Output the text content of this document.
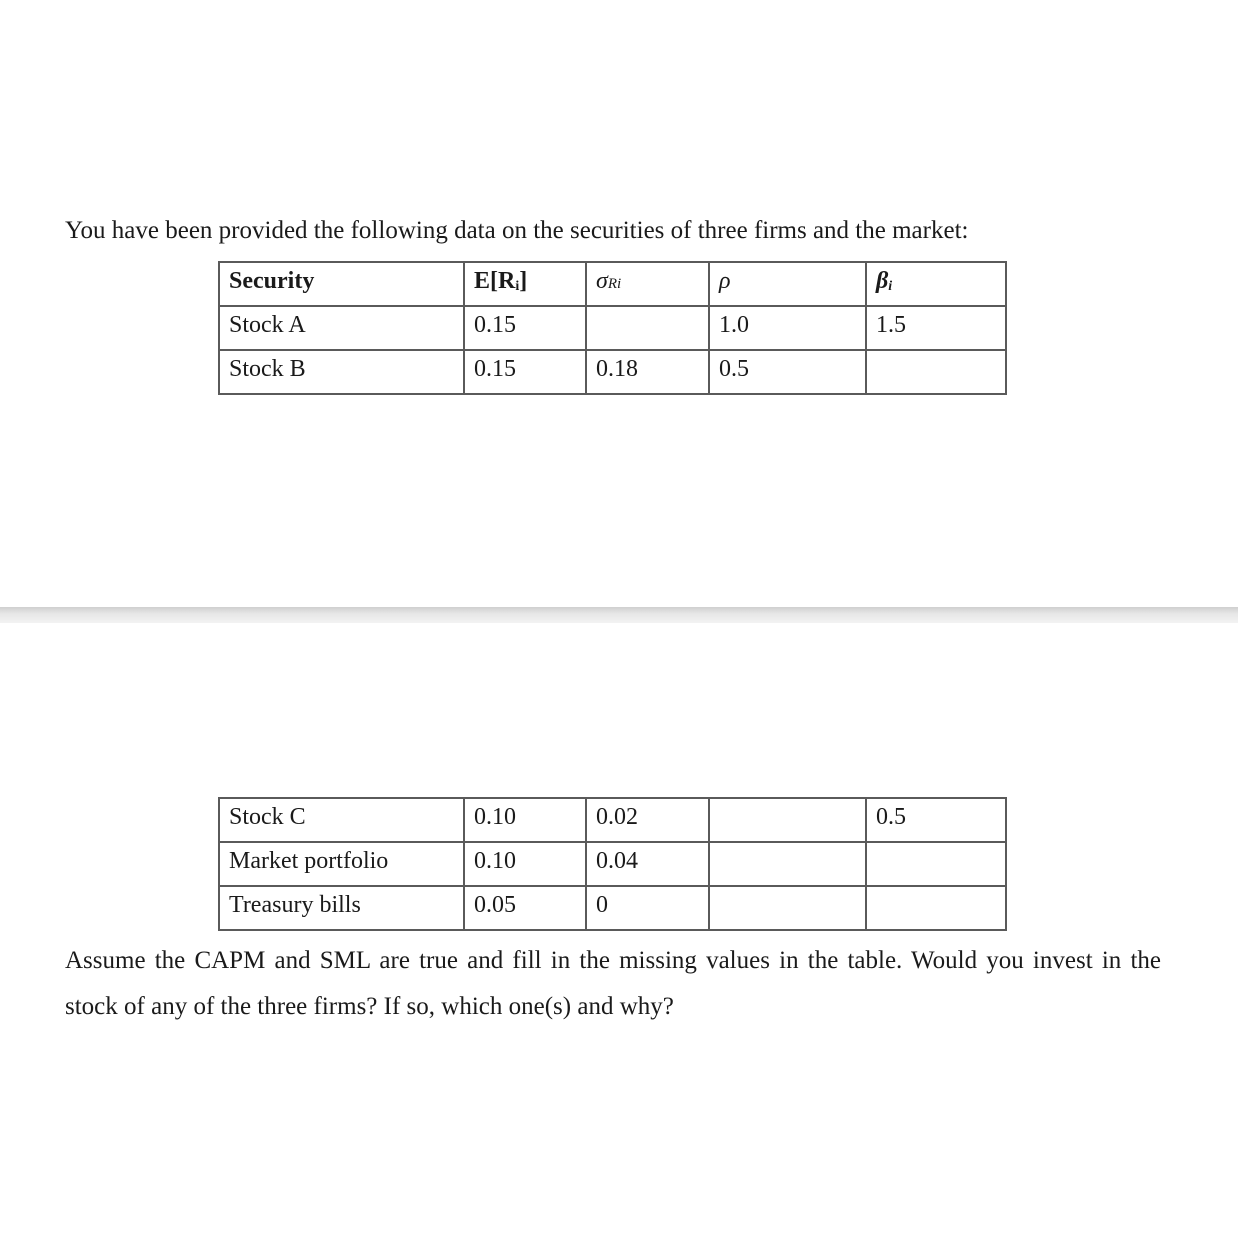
You have been provided the following data on the securities of three firms and the market:
Security	E[Ri]	σRi	ρ	βi
Stock A	0.15		1.0	1.5
Stock B	0.15	0.18	0.5	
Stock C	0.10	0.02		0.5
Market portfolio	0.10	0.04		
Treasury bills	0.05	0		
Assume the CAPM and SML are true and fill in the missing values in the table. Would you invest in the stock of any of the three firms? If so, which one(s) and why?
